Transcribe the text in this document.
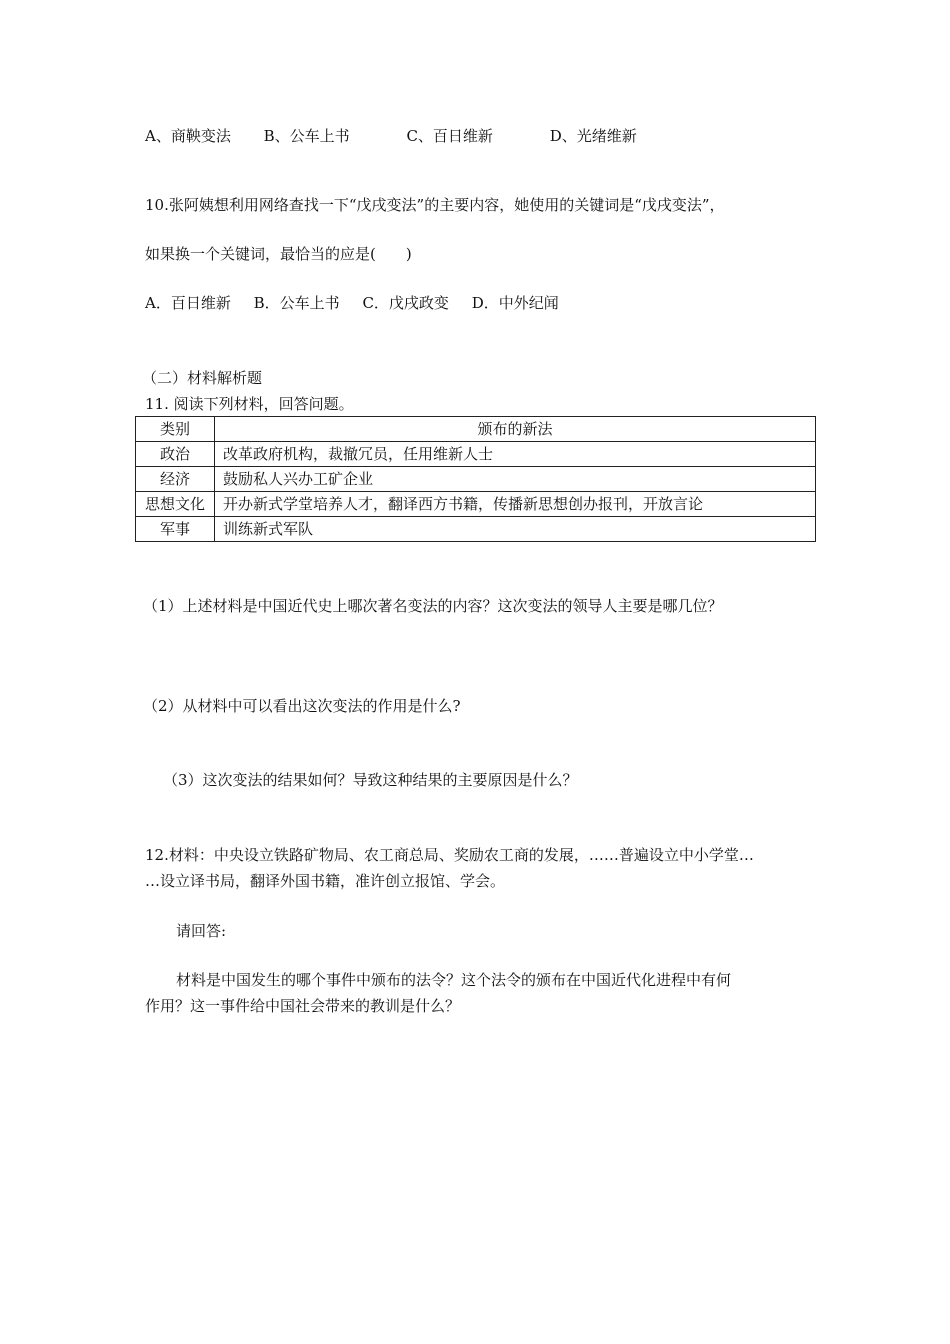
A、商鞅变法 B、公车上书	C、百日维新	D、光绪维新
10.张阿姨想利用网络查找一下“戊戌变法”的主要内容，她使用的关键词是“戊戌变法”，
如果换一个关键词，最恰当的应是(　　)
A．百日维新 B．公车上书 C．戊戌政变 D．中外纪闻
（二）材料解析题
11. 阅读下列材料，回答问题。
类别	颁布的新法
政治	改革政府机构，裁撤冗员，任用维新人士
经济	鼓励私人兴办工矿企业
思想文化	开办新式学堂培养人才，翻译西方书籍，传播新思想创办报刊，开放言论
军事	训练新式军队
（1）上述材料是中国近代史上哪次著名变法的内容？这次变法的领导人主要是哪几位？
（2）从材料中可以看出这次变法的作用是什么?
（3）这次变法的结果如何？导致这种结果的主要原因是什么？
12.材料：中央设立铁路矿物局、农工商总局、奖励农工商的发展，……普遍设立中小学堂…
…设立译书局，翻译外国书籍，准许创立报馆、学会。
请回答:
材料是中国发生的哪个事件中颁布的法令？这个法令的颁布在中国近代化进程中有何
作用？这一事件给中国社会带来的教训是什么？
